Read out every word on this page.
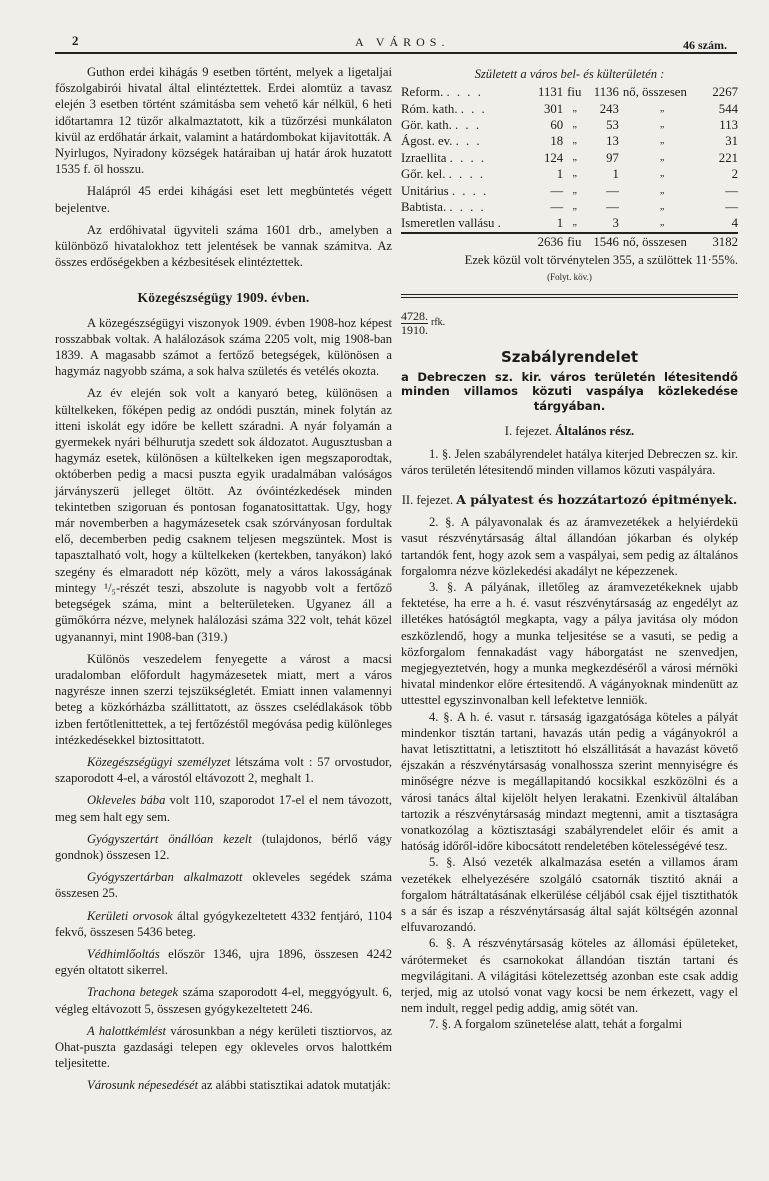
2	A VÁROS.	46 szám.

Guthon erdei kihágás 9 esetben történt, melyek a ligetaljai főszolgabirói hivatal által elintéztettek. Erdei alomtüz a tavasz elején 3 esetben történt számitásba sem vehető kár nélkül, 6 heti időtartamra 12 tüzőr alkalmaztatott, kik a tüzőrzési munkálaton kivül az erdőhatár árkait, valamint a határdombokat kijavitották. A Nyirlugos, Nyiradony községek határaiban uj határ árok huzatott 1535 f. öl hosszu.

Halápról 45 erdei kihágási eset lett megbüntetés végett bejelentve.

Az erdőhivatal ügyviteli száma 1601 drb., amelyben a különböző hivatalokhoz tett jelentések be vannak számitva. Az összes erdőségekben a kézbesitések elintéztettek.

Közegészségügy 1909. évben.

A közegészségügyi viszonyok 1909. évben 1908-hoz képest rosszabbak voltak. A halálozások száma 2205 volt, mig 1908-ban 1839. A magasabb számot a fertőző betegségek, különösen a hagymáz nagyobb száma, a sok halva születés és vetélés okozta.

Az év elején sok volt a kanyaró beteg, különösen a kültelkeken, főképen pedig az ondódi pusztán, minek folytán az itteni iskolát egy időre be kellett száradni. A nyár folyamán a gyermekek nyári bélhurutja szedett sok áldozatot. Augusztusban a hagymáz esetek, különösen a kültelkeken igen megszaporodtak, októberben pedig a macsi puszta egyik uradalmában valóságos járványszerü jelleget öltött. Az óvóintézkedések minden tekintetben szigoruan és pontosan foganatosittattak. Ugy, hogy már novemberben a hagymázesetek csak szórványosan fordultak elő, decemberben pedig csaknem teljesen megszüntek. Most is tapasztalható volt, hogy a kültelkeken (kertekben, tanyákon) lakó szegény és elmaradott nép között, mely a város lakosságának mintegy ¹/₅-részét teszi, abszolute is nagyobb volt a fertőző betegségek száma, mint a belterületeken. Ugyanez áll a gümőkórra nézve, melynek halálozási száma 322 volt, tehát közel ugyanannyi, mint 1908-ban (319.)

Különös veszedelem fenyegette a várost a macsi uradalomban előfordult hagymázesetek miatt, mert a város nagyrésze innen szerzi tejszükségletét. Emiatt innen valamennyi beteg a közkórházba szállittatott, az összes cselédlakások több izben fertőtlenittettek, a tej fertőzéstől megóvása pedig különleges intézkedésekkel biztosittatott.

Közegészségügyi személyzet létszáma volt : 57 orvostudor, szaporodott 4-el, a várostól eltávozott 2, meghalt 1.

Okleveles bába volt 110, szaporodot 17-el el nem távozott, meg sem halt egy sem.

Gyógyszertárt önállóan kezelt (tulajdonos, bérlő vágy gondnok) összesen 12.

Gyógyszertárban alkalmazott okleveles segédek száma összesen 25.

Kerületi orvosok által gyógykezeltetett 4332 fentjáró, 1104 fekvő, összesen 5436 beteg.

Védhimlőoltás először 1346, ujra 1896, összesen 4242 egyén oltatott sikerrel.

Trachona betegek száma szaporodott 4-el, meggyógyult. 6, végleg eltávozott 5, összesen gyógykezeltetett 246.

A halottkémlést városunkban a négy kerületi tisztiorvos, az Ohat-puszta gazdasági telepen egy okleveles orvos halottkém teljesitette.

Városunk népesedését az alábbi statisztikai adatok mutatják:

Született a város bel- és külterületén :
Reform. . . . .	1131	fiu	1136	nő, összesen	2267
Róm. kath. . . .	301	„	243	„	544
Gör. kath. . . .	60	„	53	„	113
Ágost. ev. . . .	18	„	13	„	31
Izraellita . . . .	124	„	97	„	221
Gőr. kel. . . . .	1	„	1	„	2
Unitárius . . . .	—	„	—	„	—
Babtista. . . . .	—	„	—	„	—
Ismeretlen vallásu .	1	„	3	„	4
	2636	fiu	1546	nő, összesen	3182
Ezek közül volt törvénytelen 355, a szülöttek 11·55%.
(Folyt. köv.)
$\frac{4728.}{1910.}$ rfk.
Szabályrendelet
a Debreczen sz. kir. város területén létesitendő minden villamos közuti vaspálya közlekedése tárgyában.
I. fejezet. Általános rész.

1. §. Jelen szabályrendelet hatálya kiterjed Debreczen sz. kir. város területén létesitendő minden villamos közuti vaspályára.

II. fejezet. A pályatest és hozzátartozó épitmények.

2. §. A pályavonalak és az áramvezetékek a helyiérdekü vasut részvénytársaság által állandóan jókarban és olykép tartandók fent, hogy azok sem a vaspályai, sem pedig az általános forgalomra nézve közlekedési akadályt ne képezzenek.

3. §. A pályának, illetőleg az áramvezetékeknek ujabb fektetése, ha erre a h. é. vasut részvénytársaság az engedélyt az illetékes hatóságtól megkapta, vagy a pálya javitása oly módon eszközlendő, hogy a munka teljesitése se a vasuti, se pedig a közforgalom fennakadást vagy háborgatást ne szenvedjen, megjegyeztetvén, hogy a munka megkezdéséről a városi mérnöki hivatal mindenkor előre értesitendő. A vágányoknak mindenütt az uttesttel egyszinvonalban kell lefektetve lenniök.

4. §. A h. é. vasut r. társaság igazgatósága köteles a pályát mindenkor tisztán tartani, havazás után pedig a vágányokról a havat letisztittatni, a letisztitott hó elszállitását a havazást követő éjszakán a részvénytársaság vonalhossza szerint mennyiségre és minőségre nézve is megállapitandó kocsikkal eszközölni és a városi tanács által kijelölt helyen lerakatni. Ezenkivül általában tartozik a részvénytársaság mindazt megtenni, amit a tisztaságra vonatkozólag a köztisztasági szabályrendelet előir és amit a hatóság időről-időre kibocsátott rendeletében kötelességévé tesz.

5. §. Alsó vezeték alkalmazása esetén a villamos áram vezetékek elhelyezésére szolgáló csatornák tisztitó aknái a forgalom hátráltatásának elkerülése céljából csak éjjel tisztithatók s a sár és iszap a részvénytársaság által saját költségén azonnal elfuvarozandó.

6. §. A részvénytársaság köteles az állomási épületeket, várótermeket és csarnokokat állandóan tisztán tartani és megvilágitani. A világitási kötelezettség azonban este csak addig terjed, mig az utolsó vonat vagy kocsi be nem érkezett, vagy el nem indult, reggel pedig addig, amig sötét van.

7. §. A forgalom szünetelése alatt, tehát a forgalmi
